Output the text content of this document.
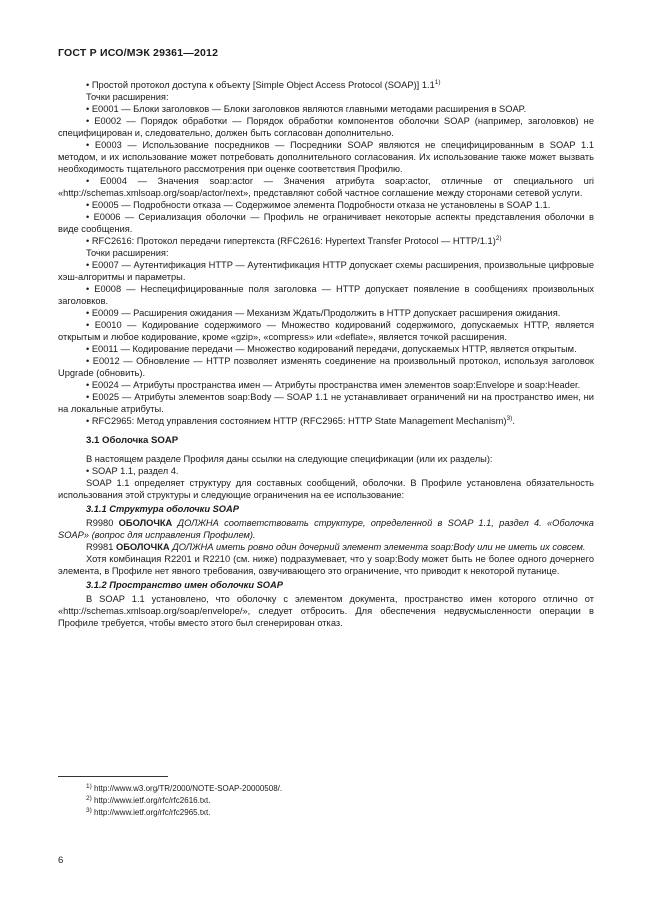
ГОСТ Р ИСО/МЭК 29361—2012

• Простой протокол доступа к объекту [Simple Object Access Protocol (SOAP)] 1.1$^{1)}$

Точки расширения:

• E0001 — Блоки заголовков — Блоки заголовков являются главными методами расширения в SOAP.

• E0002 — Порядок обработки — Порядок обработки компонентов оболочки SOAP (например, заголовков) не специфицирован и, следовательно, должен быть согласован дополнительно.

• E0003 — Использование посредников — Посредники SOAP являются не специфицированным в SOAP 1.1 методом, и их использование может потребовать дополнительного согласования. Их использование также может вызвать необходимость тщательного рассмотрения при оценке соответствия Профилю.

• E0004 — Значения soap:actor — Значения атрибута soap:actor, отличные от специального uri «http://schemas.xmlsoap.org/soap/actor/next», представляют собой частное соглашение между сторонами сетевой услуги.

• E0005 — Подробности отказа — Содержимое элемента Подробности отказа не установлены в SOAP 1.1.

• E0006 — Сериализация оболочки — Профиль не ограничивает некоторые аспекты представления оболочки в виде сообщения.

• RFC2616: Протокол передачи гипертекста (RFC2616: Hypertext Transfer Protocol — HTTP/1.1)$^{2)}$

Точки расширения:

• E0007 — Аутентификация HTTP — Аутентификация HTTP допускает схемы расширения, произвольные цифровые хэш-алгоритмы и параметры.

• E0008 — Неспецифицированные поля заголовка — HTTP допускает появление в сообщениях произвольных заголовков.

• E0009 — Расширения ожидания — Механизм Ждать/Продолжить в HTTP допускает расширения ожидания.

• E0010 — Кодирование содержимого — Множество кодирований содержимого, допускаемых HTTP, является открытым и любое кодирование, кроме «gzip», «compress» или «deflate», является точкой расширения.

• E0011 — Кодирование передачи — Множество кодирований передачи, допускаемых HTTP, является открытым.

• E0012 — Обновление — HTTP позволяет изменять соединение на произвольный протокол, используя заголовок Upgrade (обновить).

• E0024 — Атрибуты пространства имен — Атрибуты пространства имен элементов soap:Envelope и soap:Header.

• E0025 — Атрибуты элементов soap:Body — SOAP 1.1 не устанавливает ограничений ни на пространство имен, ни на локальные атрибуты.

• RFC2965: Метод управления состоянием HTTP (RFC2965: HTTP State Management Mechanism)$^{3)}$.

3.1 Оболочка SOAP

В настоящем разделе Профиля даны ссылки на следующие спецификации (или их разделы):

• SOAP 1.1, раздел 4.

SOAP 1.1 определяет структуру для составных сообщений, оболочки. В Профиле установлена обязательность использования этой структуры и следующие ограничения на ее использование:

3.1.1 Структура оболочки SOAP

R9980 ОБОЛОЧКА ДОЛЖНА соответствовать структуре, определенной в SOAP 1.1, раздел 4. «Оболочка SOAP» (вопрос для исправления Профилем).

R9981 ОБОЛОЧКА ДОЛЖНА иметь ровно один дочерний элемент элемента soap:Body или не иметь их совсем.

Хотя комбинация R2201 и R2210 (см. ниже) подразумевает, что у soap:Body может быть не более одного дочернего элемента, в Профиле нет явного требования, озвучивающего это ограничение, что приводит к некоторой путанице.

3.1.2 Пространство имен оболочки SOAP

В SOAP 1.1 установлено, что оболочку с элементом документа, пространство имен которого отлично от «http://schemas.xmlsoap.org/soap/envelope/», следует отбросить. Для обеспечения недвусмысленности операции в Профиле требуется, чтобы вместо этого был сгенерирован отказ.

$^{1)}$ http://www.w3.org/TR/2000/NOTE-SOAP-20000508/.
$^{2)}$ http://www.ietf.org/rfc/rfc2616.txt.
$^{3)}$ http://www.ietf.org/rfc/rfc2965.txt.
6
